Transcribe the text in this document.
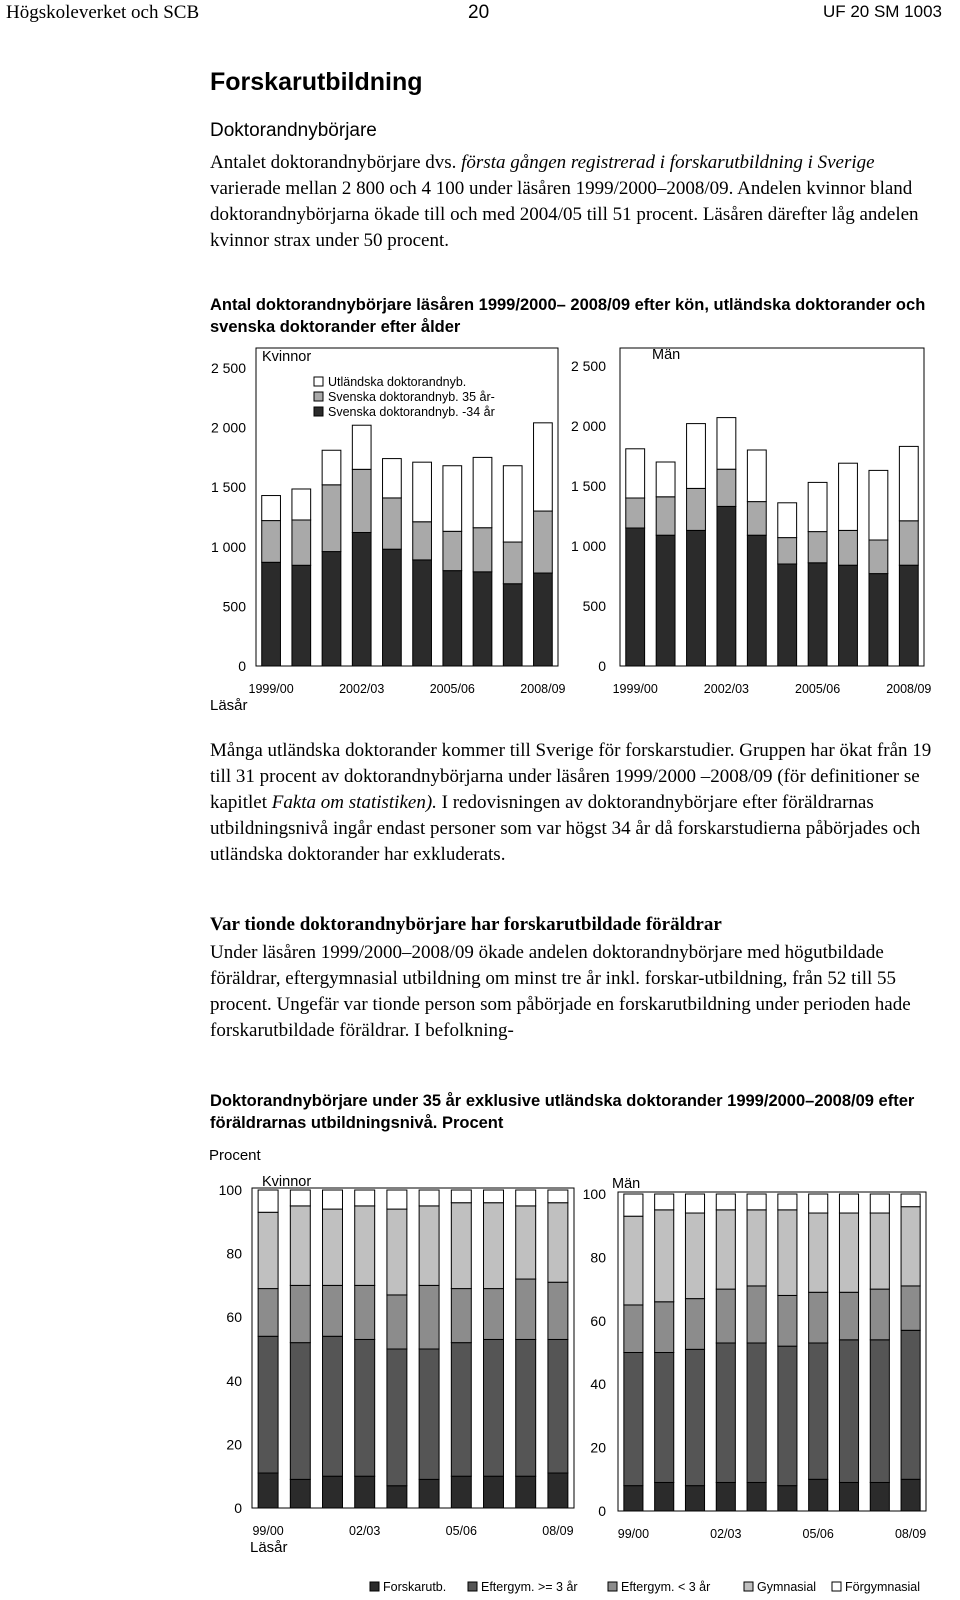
Högskoleverket och SCB	20	UF 20 SM 1003
Forskarutbildning
Doktorandnybörjare

Antalet doktorandnybörjare dvs. första gången registrerad i forskarutbildning i Sverige varierade mellan 2 800 och 4 100 under läsåren 1999/2000–2008/09. Andelen kvinnor bland doktorandnybörjarna ökade till och med 2004/05 till 51 procent. Läsåren därefter låg andelen kvinnor strax under 50 procent.

Antal doktorandnybörjare läsåren 1999/2000– 2008/09 efter kön, utländska doktorander och svenska doktorander efter ålder
0
500
1 000
1 500
2 000
2 500
1999/00	2002/03	2005/06	2008/09
Kvinnor
Läsår
Utländska doktorandnyb.
Svenska doktorandnyb. 35 år-
Svenska doktorandnyb. -34 år
0
500
1 000
1 500
2 000
2 500
1999/00	2002/03	2005/06	2008/09
Män

Många utländska doktorander kommer till Sverige för forskarstudier. Gruppen har ökat från 19 till 31 procent av doktorandnybörjarna under läsåren 1999/2000 –2008/09 (för definitioner se kapitlet Fakta om statistiken). I redovisningen av doktorandnybörjare efter föräldrarnas utbildningsnivå ingår endast personer som var högst 34 år då forskarstudierna påbörjades och utländska doktorander har exkluderats.

Var tionde doktorandnybörjare har forskarutbildade föräldrar

Under läsåren 1999/2000–2008/09 ökade andelen doktorandnybörjare med högutbildade föräldrar, eftergymnasial utbildning om minst tre år inkl. forskar-utbildning, från 52 till 55 procent. Ungefär var tionde person som påbörjade en forskarutbildning under perioden hade forskarutbildade föräldrar. I befolkning-

Doktorandnybörjare under 35 år exklusive utländska doktorander 1999/2000–2008/09 efter föräldrarnas utbildningsnivå. Procent
0
20
40
60
80
100
99/00	02/03	05/06	08/09
Kvinnor
Läsår
Procent
0
20
40
60
80
100
99/00	02/03	05/06	08/09
Män
Forskarutb.	Eftergym. >= 3 år	Eftergym. < 3 år	Gymnasial Förgymnasial
